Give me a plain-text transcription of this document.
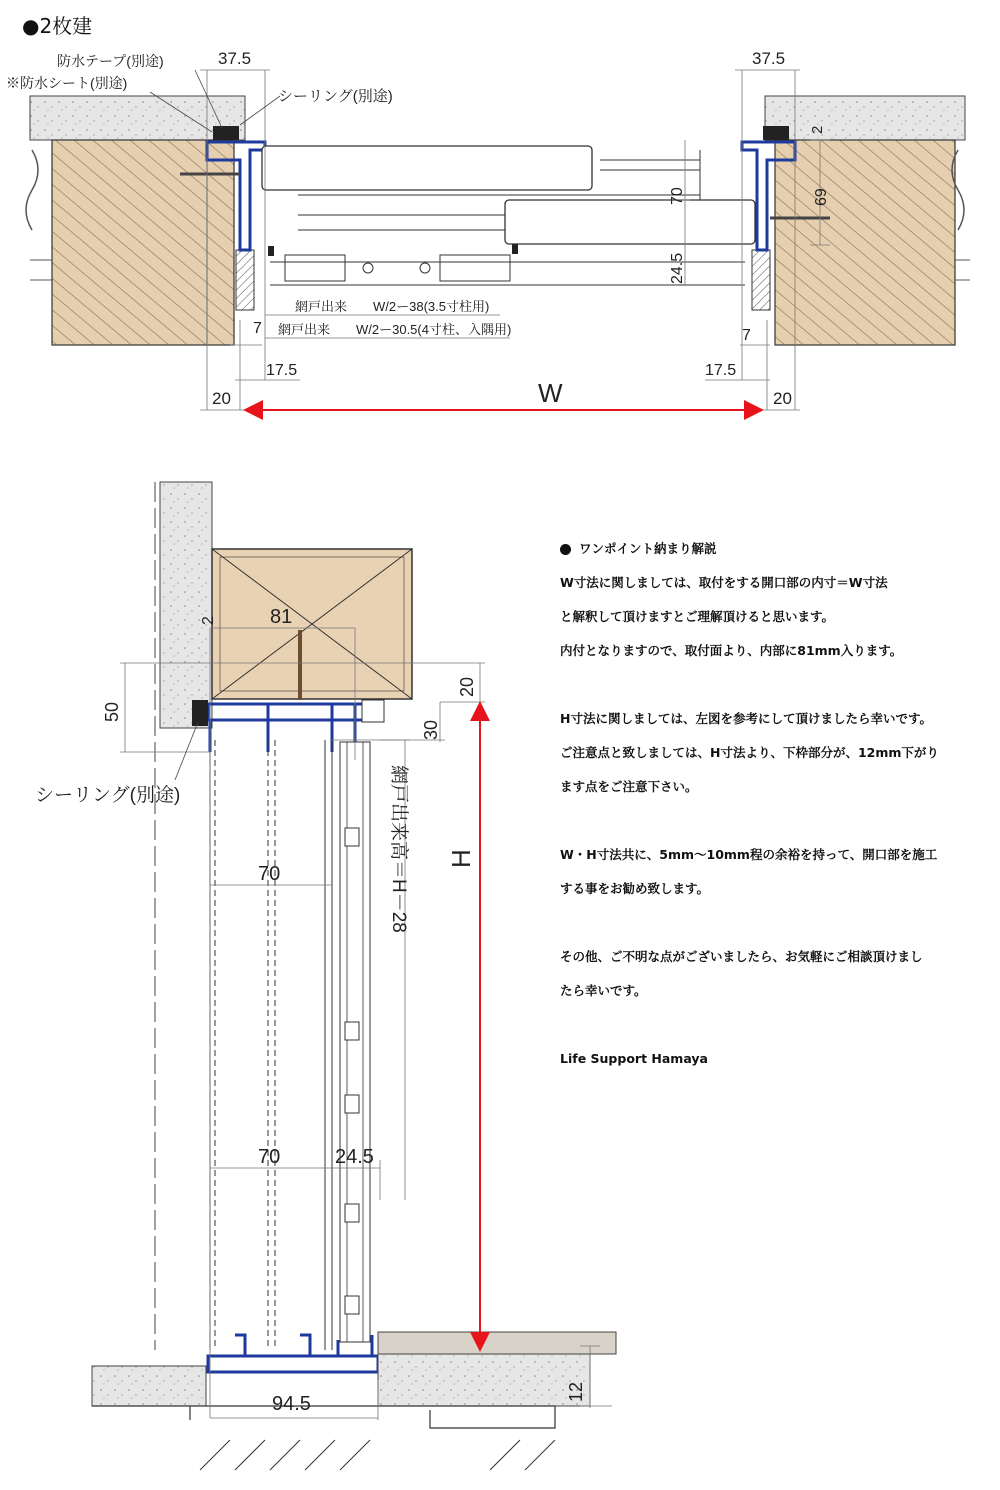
●2枚建
防水テープ(別途)
※防水シート(別途)
シーリング(別途)
網戸出来　　W/2ー38(3.5寸柱用)
網戸出来　　W/2ー30.5(4寸柱、入隅用)
37.5	37.5
2
69
70
24.5
7	7
17.5	17.5
20	20
W
81
2
50
20
30
H
70
70	24.5
94.5
12
シーリング(別途)	網戸出来高＝H－28
ワンポイント納まり解説

W寸法に関しましては、取付をする開口部の内寸＝W寸法
と解釈して頂けますとご理解頂けると思います。
内付となりますので、取付面より、内部に81mm入ります。

H寸法に関しましては、左図を参考にして頂けましたら幸いです。
ご注意点と致しましては、H寸法より、下枠部分が、12mm下がり
ます点をご注意下さい。

W・H寸法共に、5mm～10mm程の余裕を持って、開口部を施工
する事をお勧め致します。

その他、ご不明な点がございましたら、お気軽にご相談頂けまし
たら幸いです。

Life Support Hamaya
